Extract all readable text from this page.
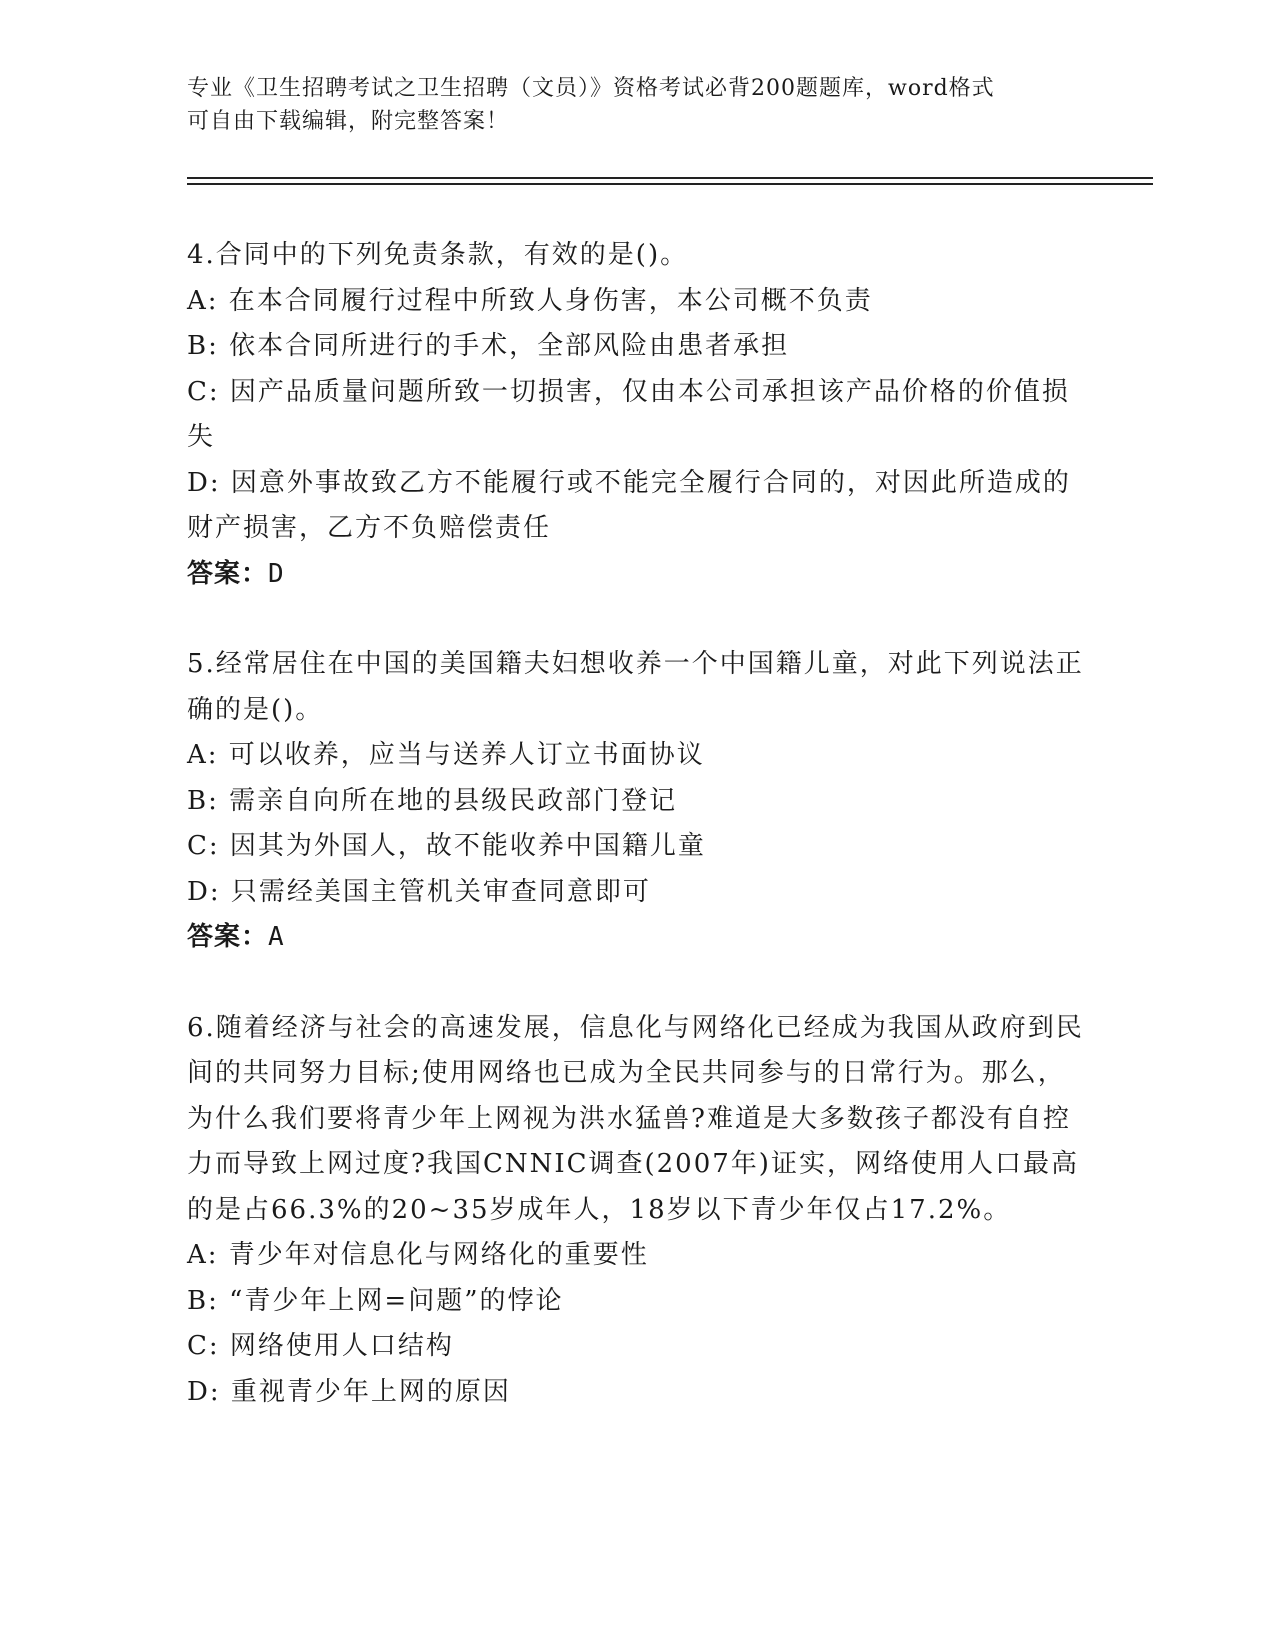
专业《卫生招聘考试之卫生招聘（文员）》资格考试必背200题题库，word格式
可自由下载编辑，附完整答案！

4.合同中的下列免责条款，有效的是()。

A: 在本合同履行过程中所致人身伤害，本公司概不负责

B: 依本合同所进行的手术，全部风险由患者承担

C: 因产品质量问题所致一切损害，仅由本公司承担该产品价格的价值损失

D: 因意外事故致乙方不能履行或不能完全履行合同的，对因此所造成的财产损害，乙方不负赔偿责任

答案：D

5.经常居住在中国的美国籍夫妇想收养一个中国籍儿童，对此下列说法正确的是()。

A: 可以收养，应当与送养人订立书面协议

B: 需亲自向所在地的县级民政部门登记

C: 因其为外国人，故不能收养中国籍儿童

D: 只需经美国主管机关审查同意即可

答案：A

6.随着经济与社会的高速发展，信息化与网络化已经成为我国从政府到民间的共同努力目标;使用网络也已成为全民共同参与的日常行为。那么，为什么我们要将青少年上网视为洪水猛兽?难道是大多数孩子都没有自控力而导致上网过度?我国CNNIC调查(2007年)证实，网络使用人口最高的是占66.3%的20~35岁成年人，18岁以下青少年仅占17.2%。

A: 青少年对信息化与网络化的重要性

B: “青少年上网=问题”的悖论

C: 网络使用人口结构

D: 重视青少年上网的原因
